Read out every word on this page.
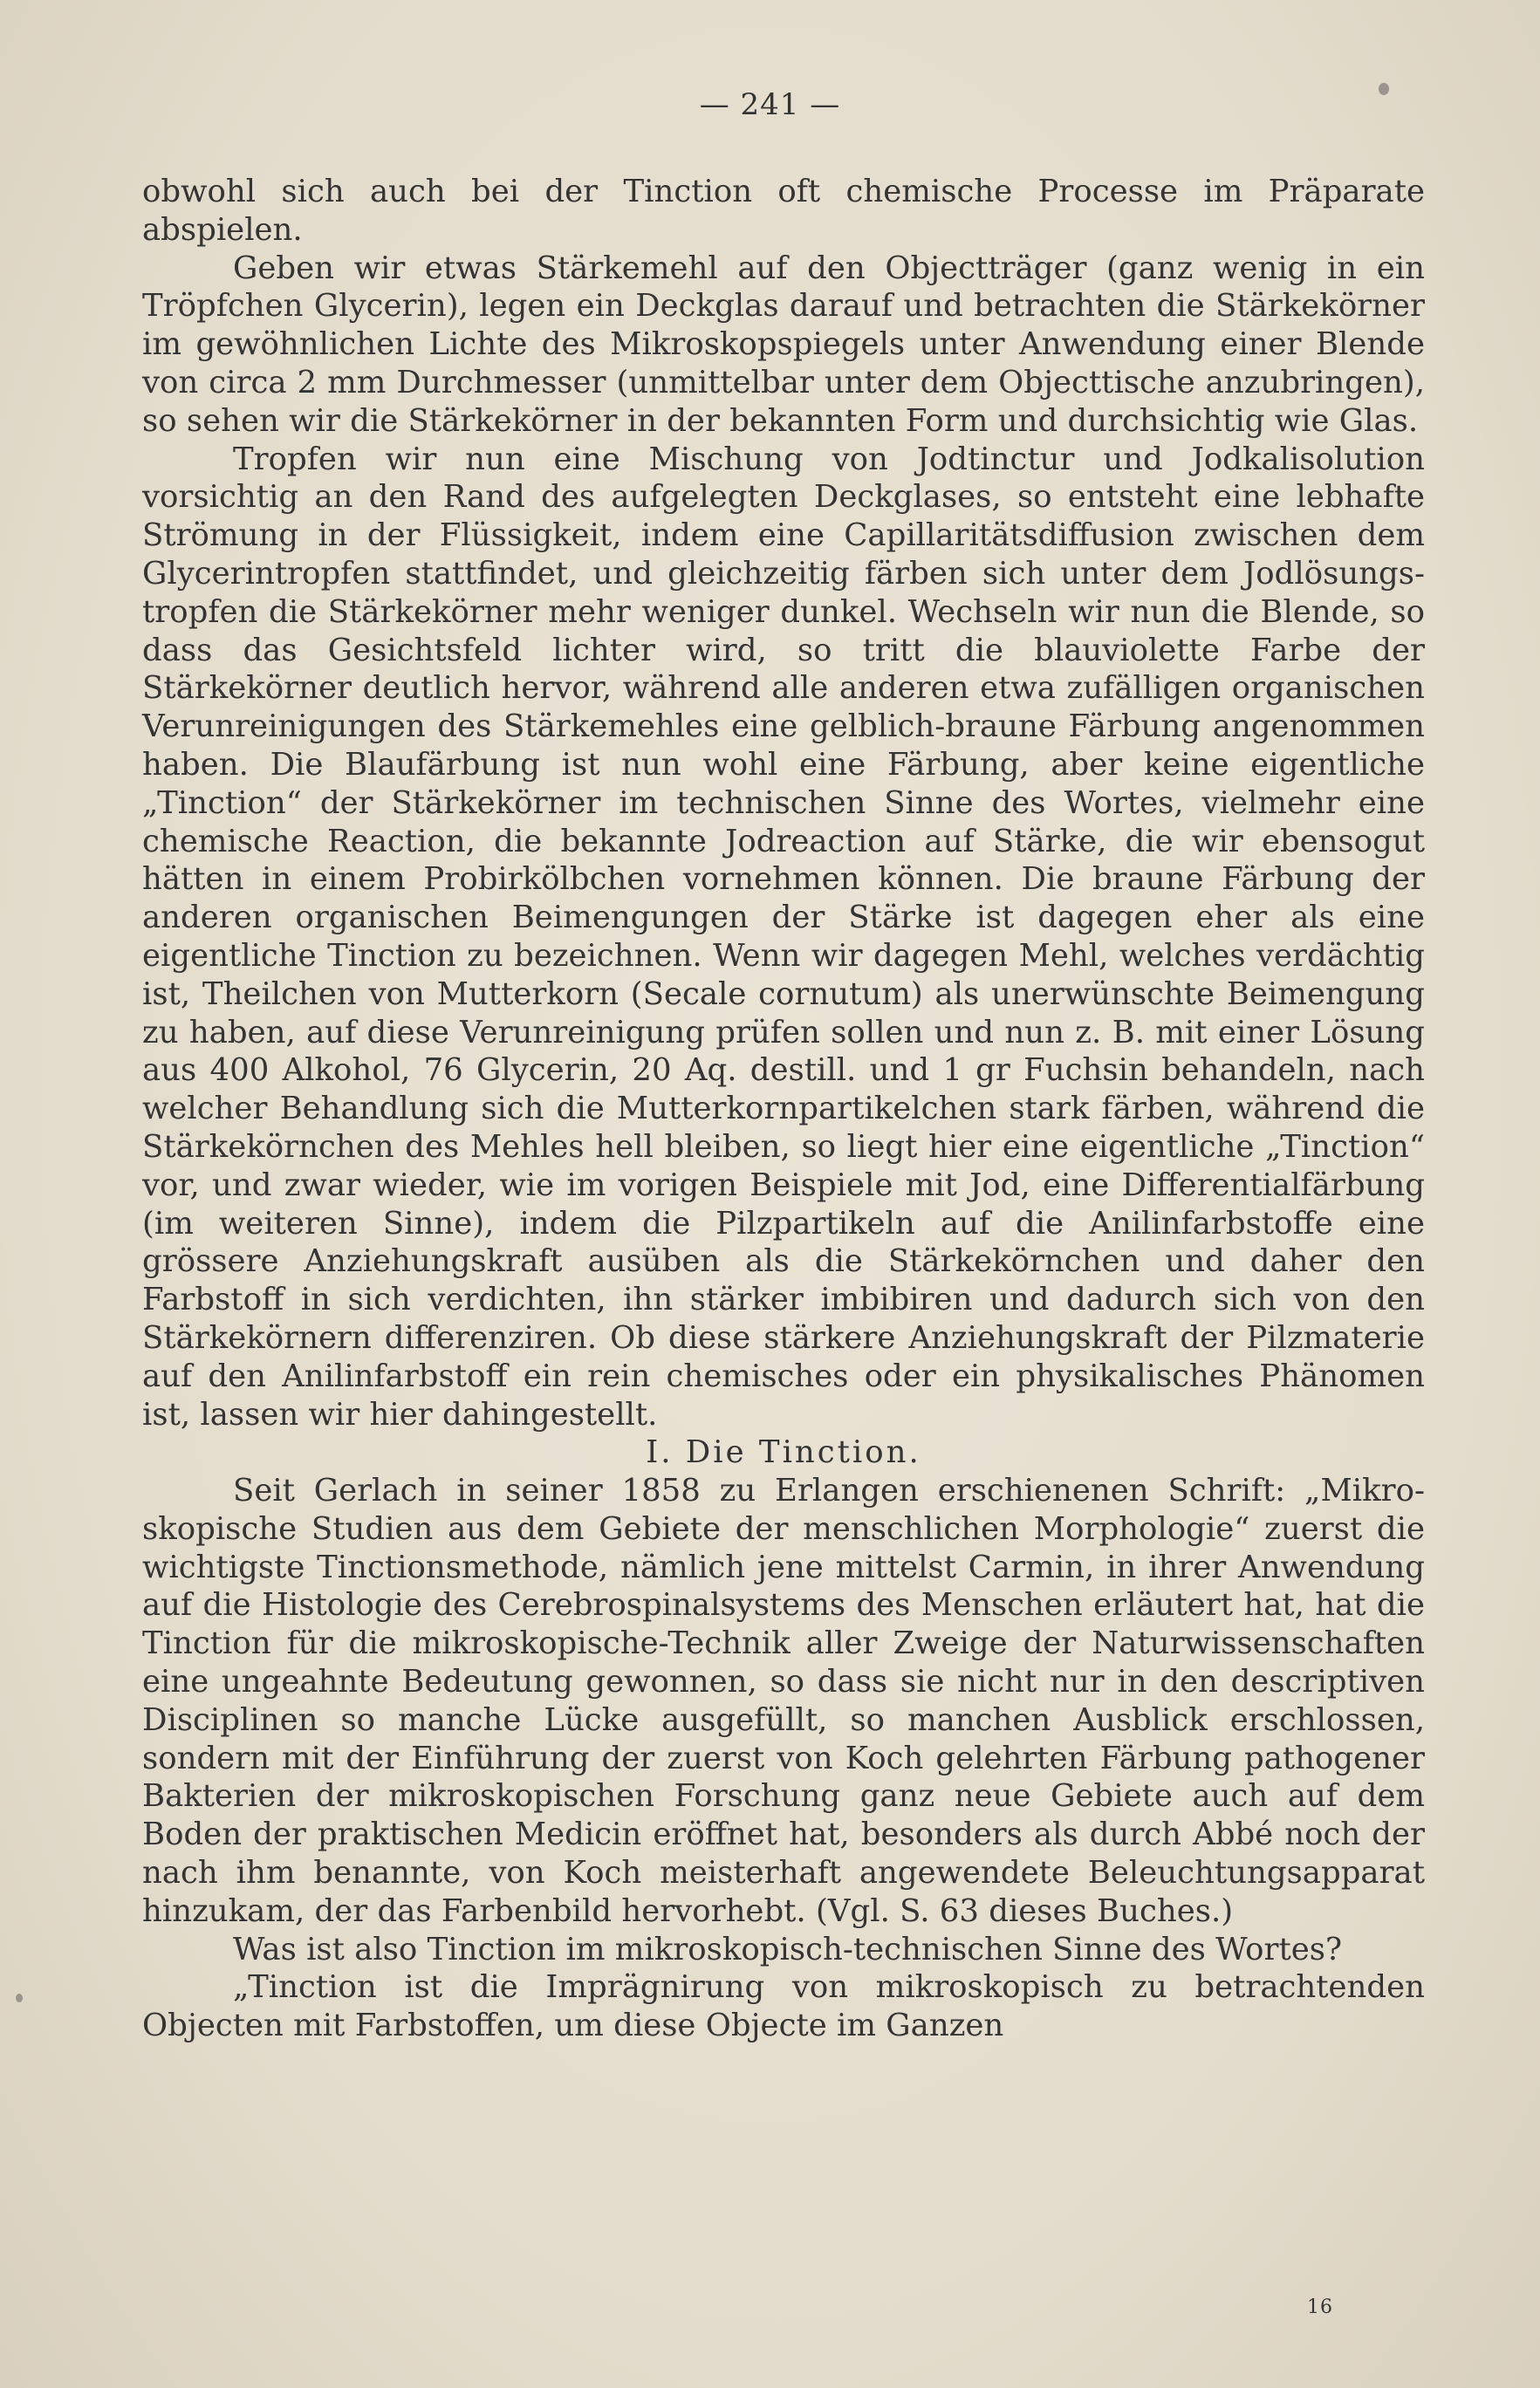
— 241 —

obwohl sich auch bei der Tinction oft chemische Processe im Präparate abspielen.

Geben wir etwas Stärkemehl auf den Objectträger (ganz wenig in ein Tröpfchen Glycerin), legen ein Deckglas darauf und betrachten die Stärkekörner im gewöhnlichen Lichte des Mikroskopspiegels unter Anwendung einer Blende von circa 2 mm Durchmesser (unmittelbar unter dem Objecttische anzubringen), so sehen wir die Stärkekörner in der bekannten Form und durchsichtig wie Glas.

Tropfen wir nun eine Mischung von Jodtinctur und Jodkalisolution vorsichtig an den Rand des aufgelegten Deckglases, so entsteht eine lebhafte Strömung in der Flüssigkeit, indem eine Capillaritätsdiffusion zwischen dem Glycerintropfen stattfindet, und gleichzeitig färben sich unter dem Jodlösungstropfen die Stärkekörner mehr weniger dunkel. Wechseln wir nun die Blende, so dass das Gesichtsfeld lichter wird, so tritt die blauviolette Farbe der Stärkekörner deutlich hervor, während alle anderen etwa zufälligen organischen Verunreinigungen des Stärkemehles eine gelblich-braune Färbung angenommen haben. Die Blaufärbung ist nun wohl eine Färbung, aber keine eigentliche „Tinction“ der Stärkekörner im technischen Sinne des Wortes, vielmehr eine chemische Reaction, die bekannte Jodreaction auf Stärke, die wir ebensogut hätten in einem Probirkölbchen vornehmen können. Die braune Färbung der anderen organischen Beimengungen der Stärke ist dagegen eher als eine eigentliche Tinction zu bezeichnen. Wenn wir dagegen Mehl, welches verdächtig ist, Theilchen von Mutterkorn (Secale cornutum) als unerwünschte Beimengung zu haben, auf diese Verunreinigung prüfen sollen und nun z. B. mit einer Lösung aus 400 Alkohol, 76 Glycerin, 20 Aq. destill. und 1 gr Fuchsin behandeln, nach welcher Behandlung sich die Mutterkornpartikelchen stark färben, während die Stärkekörnchen des Mehles hell bleiben, so liegt hier eine eigentliche „Tinction“ vor, und zwar wieder, wie im vorigen Beispiele mit Jod, eine Differentialfärbung (im weiteren Sinne), indem die Pilzpartikeln auf die Anilinfarbstoffe eine grössere Anziehungskraft ausüben als die Stärkekörnchen und daher den Farbstoff in sich verdichten, ihn stärker imbibiren und dadurch sich von den Stärkekörnern differenziren. Ob diese stärkere Anziehungskraft der Pilzmaterie auf den Anilinfarbstoff ein rein chemisches oder ein physikalisches Phänomen ist, lassen wir hier dahingestellt.

I. Die Tinction.

Seit Gerlach in seiner 1858 zu Erlangen erschienenen Schrift: „Mikroskopische Studien aus dem Gebiete der menschlichen Morphologie“ zuerst die wichtigste Tinctionsmethode, nämlich jene mittelst Carmin, in ihrer Anwendung auf die Histologie des Cerebrospinalsystems des Menschen erläutert hat, hat die Tinction für die mikroskopische-Technik aller Zweige der Naturwissenschaften eine ungeahnte Bedeutung gewonnen, so dass sie nicht nur in den descriptiven Disciplinen so manche Lücke ausgefüllt, so manchen Ausblick erschlossen, sondern mit der Einführung der zuerst von Koch gelehrten Färbung pathogener Bakterien der mikroskopischen Forschung ganz neue Gebiete auch auf dem Boden der praktischen Medicin eröffnet hat, besonders als durch Abbé noch der nach ihm benannte, von Koch meisterhaft angewendete Beleuchtungsapparat hinzukam, der das Farbenbild hervorhebt. (Vgl. S. 63 dieses Buches.)

Was ist also Tinction im mikroskopisch-technischen Sinne des Wortes?

„Tinction ist die Imprägnirung von mikroskopisch zu betrachtenden Objecten mit Farbstoffen, um diese Objecte im Ganzen

16
